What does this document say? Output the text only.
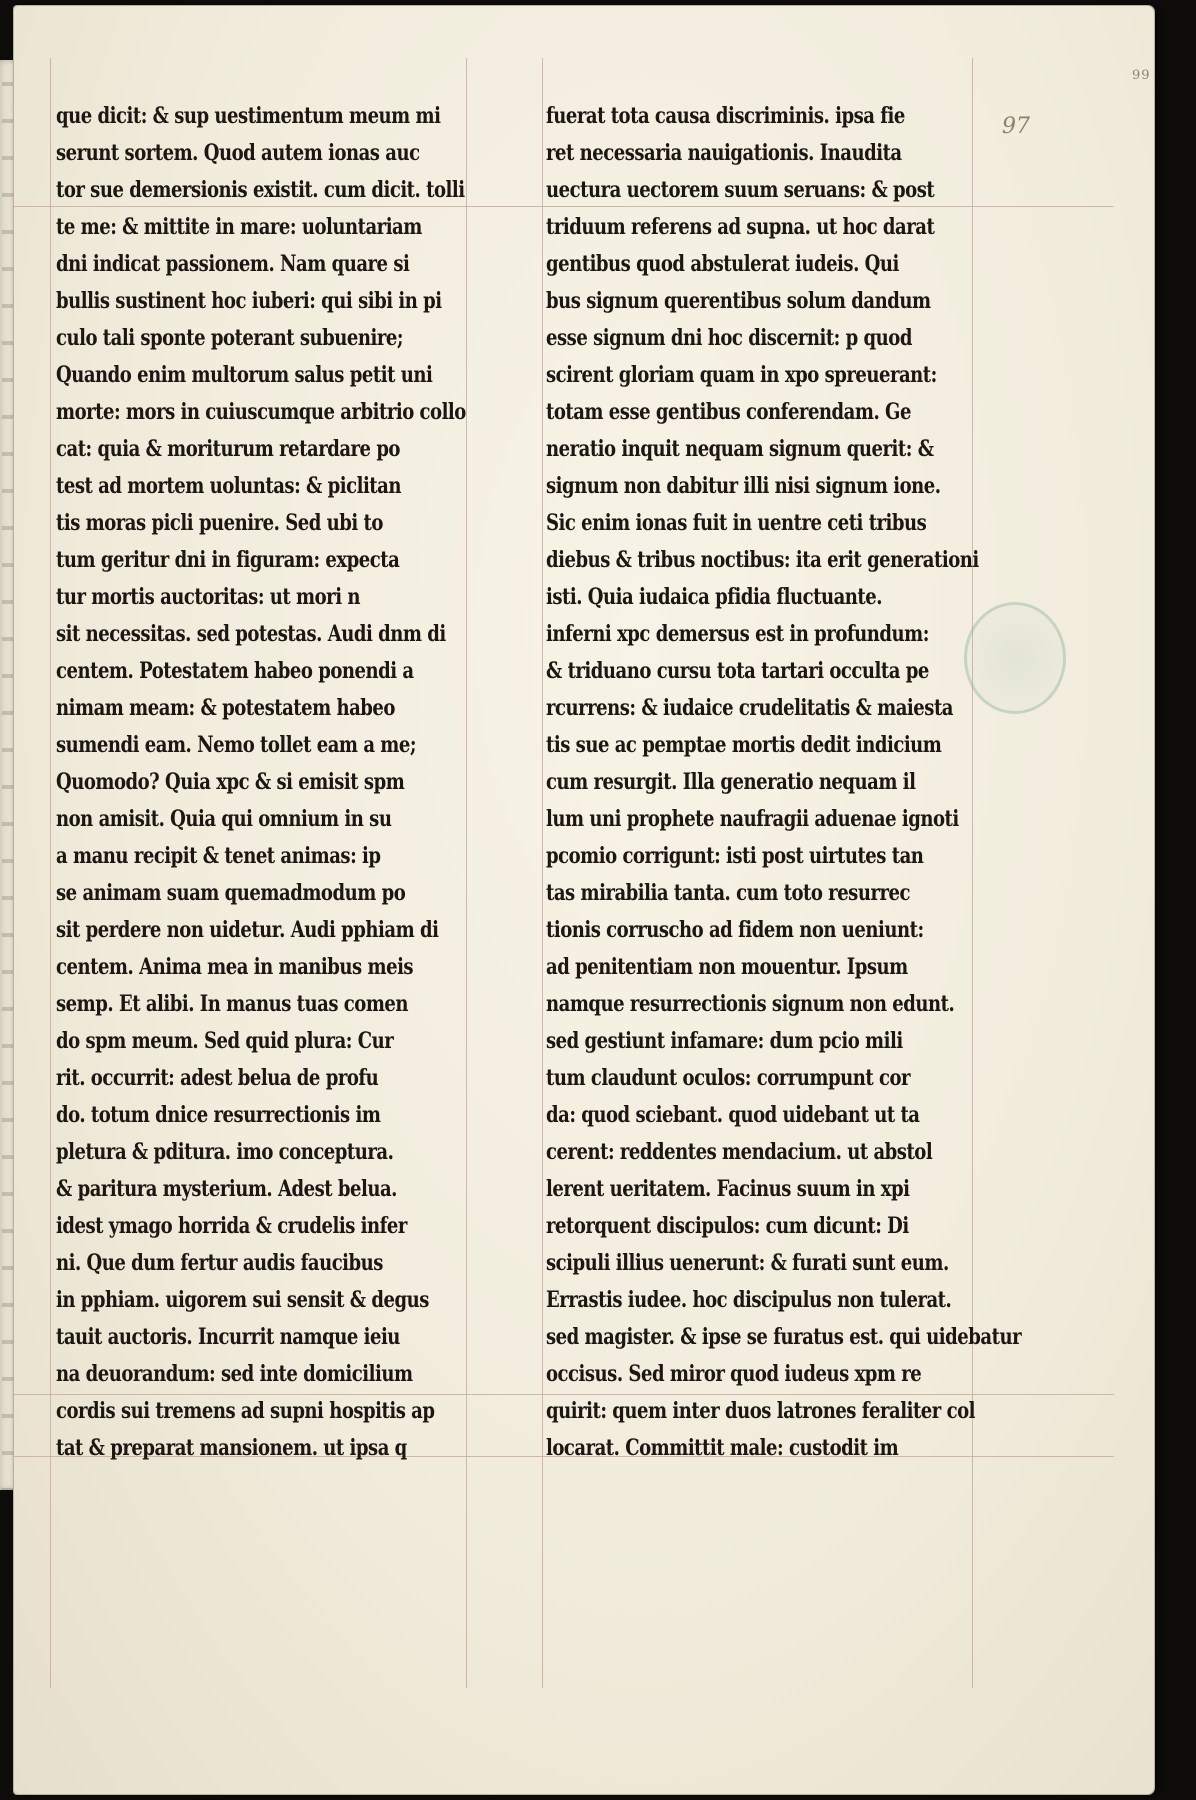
99
97
que dicit: & sup uestimentum meum mi
serunt sortem. Quod autem ionas auc
tor sue demersionis existit. cum dicit. tolli
te me: & mittite in mare: uoluntariam
dni indicat passionem. Nam quare si
bullis sustinent hoc iuberi: qui sibi in pi
culo tali sponte poterant subuenire;
Quando enim multorum salus petit uni
morte: mors in cuiuscumque arbitrio collo
cat: quia & moriturum retardare po
test ad mortem uoluntas: & piclitan
tis moras picli puenire. Sed ubi to
tum geritur dni in figuram: expecta
tur mortis auctoritas: ut mori n
sit necessitas. sed potestas. Audi dnm di
centem. Potestatem habeo ponendi a
nimam meam: & potestatem habeo
sumendi eam. Nemo tollet eam a me;
Quomodo? Quia xpc & si emisit spm
non amisit. Quia qui omnium in su
a manu recipit & tenet animas: ip
se animam suam quemadmodum po
sit perdere non uidetur. Audi pphiam di
centem. Anima mea in manibus meis
semp. Et alibi. In manus tuas comen
do spm meum. Sed quid plura: Cur
rit. occurrit: adest belua de profu
do. totum dnice resurrectionis im
pletura & pditura. imo conceptura.
& paritura mysterium. Adest belua.
idest ymago horrida & crudelis infer
ni. Que dum fertur audis faucibus
in pphiam. uigorem sui sensit & degus
tauit auctoris. Incurrit namque ieiu
na deuorandum: sed inte domicilium
cordis sui tremens ad supni hospitis ap
tat & preparat mansionem. ut ipsa q
fuerat tota causa discriminis. ipsa fie
ret necessaria nauigationis. Inaudita
uectura uectorem suum seruans: & post
triduum referens ad supna. ut hoc darat
gentibus quod abstulerat iudeis. Qui
bus signum querentibus solum dandum
esse signum dni hoc discernit: p quod
scirent gloriam quam in xpo spreuerant:
totam esse gentibus conferendam. Ge
neratio inquit nequam signum querit: &
signum non dabitur illi nisi signum ione.
Sic enim ionas fuit in uentre ceti tribus
diebus & tribus noctibus: ita erit generationi
isti. Quia iudaica pfidia fluctuante.
inferni xpc demersus est in profundum:
& triduano cursu tota tartari occulta pe
rcurrens: & iudaice crudelitatis & maiesta
tis sue ac pemptae mortis dedit indicium
cum resurgit. Illa generatio nequam il
lum uni prophete naufragii aduenae ignoti
pcomio corrigunt: isti post uirtutes tan
tas mirabilia tanta. cum toto resurrec
tionis corruscho ad fidem non ueniunt:
ad penitentiam non mouentur. Ipsum
namque resurrectionis signum non edunt.
sed gestiunt infamare: dum pcio mili
tum claudunt oculos: corrumpunt cor
da: quod sciebant. quod uidebant ut ta
cerent: reddentes mendacium. ut abstol
lerent ueritatem. Facinus suum in xpi
retorquent discipulos: cum dicunt: Di
scipuli illius uenerunt: & furati sunt eum.
Errastis iudee. hoc discipulus non tulerat.
sed magister. & ipse se furatus est. qui uidebatur
occisus. Sed miror quod iudeus xpm re
quirit: quem inter duos latrones feraliter col
locarat. Committit male: custodit im
